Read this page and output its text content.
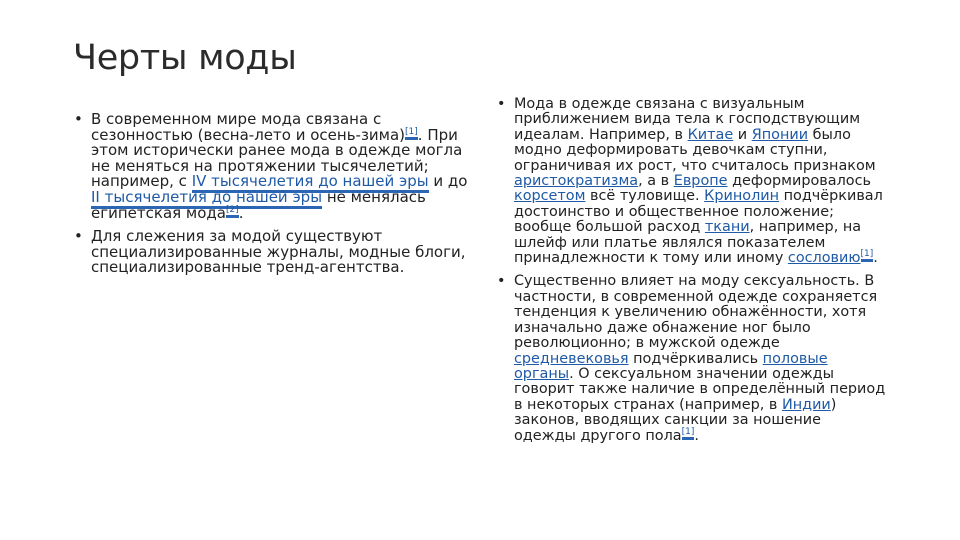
Черты моды
• В современном мире мода связана с сезонностью (весна-лето и осень-зима)[1]. При этом исторически ранее мода в одежде могла не меняться на протяжении тысячелетий; например, с IV тысячелетия до нашей эры и до II тысячелетия до нашей эры не менялась египетская мода[2].
• Для слежения за модой существуют специализированные журналы, модные блоги, специализированные тренд-агентства.
• Мода в одежде связана с визуальным приближением вида тела к господствующим идеалам. Например, в Китае и Японии было модно деформировать девочкам ступни, ограничивая их рост, что считалось признаком аристократизма, а в Европе деформировалось корсетом всё туловище. Кринолин подчёркивал достоинство и общественное положение; вообще большой расход ткани, например, на шлейф или платье являлся показателем принадлежности к тому или иному сословию[1].
• Существенно влияет на моду сексуальность. В частности, в современной одежде сохраняется тенденция к увеличению обнажённости, хотя изначально даже обнажение ног было революционно; в мужской одежде средневековья подчёркивались половые органы. О сексуальном значении одежды говорит также наличие в определённый период в некоторых странах (например, в Индии) законов, вводящих санкции за ношение одежды другого пола[1].
